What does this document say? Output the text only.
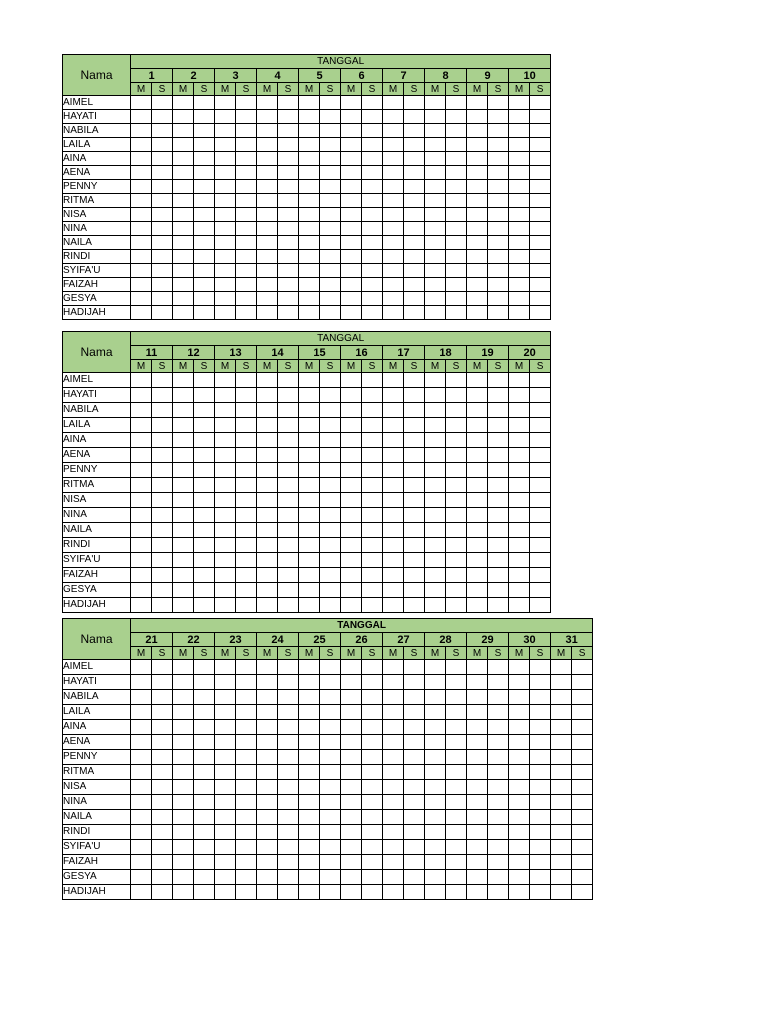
Nama	TANGGAL																			
	1		2		3		4		5		6		7		8		9		10	
	M	S	M	S	M	S	M	S	M	S	M	S	M	S	M	S	M	S	M	S
AIMEL																				
HAYATI																				
NABILA																				
LAILA																				
AINA																				
AENA																				
PENNY																				
RITMA																				
NISA																				
NINA																				
NAILA																				
RINDI																				
SYIFA'U																				
FAIZAH																				
GESYA																				
HADIJAH																				
Nama	TANGGAL																			
	11		12		13		14		15		16		17		18		19		20	
	M	S	M	S	M	S	M	S	M	S	M	S	M	S	M	S	M	S	M	S
AIMEL																				
HAYATI																				
NABILA																				
LAILA																				
AINA																				
AENA																				
PENNY																				
RITMA																				
NISA																				
NINA																				
NAILA																				
RINDI																				
SYIFA'U																				
FAIZAH																				
GESYA																				
HADIJAH																				
Nama	TANGGAL																					
	21		22		23		24		25		26		27		28		29		30		31	
	M	S	M	S	M	S	M	S	M	S	M	S	M	S	M	S	M	S	M	S	M	S
AIMEL																						
HAYATI																						
NABILA																						
LAILA																						
AINA																						
AENA																						
PENNY																						
RITMA																						
NISA																						
NINA																						
NAILA																						
RINDI																						
SYIFA'U																						
FAIZAH																						
GESYA																						
HADIJAH																						
